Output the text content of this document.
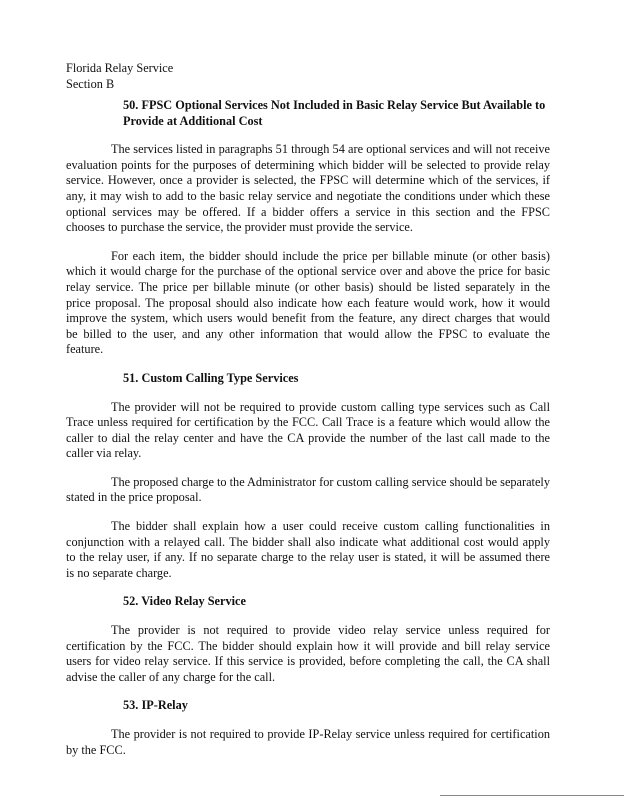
Florida Relay Service
Section B
50. FPSC Optional Services Not Included in Basic Relay Service But Available to
Provide at Additional Cost
The services listed in paragraphs 51 through 54 are optional services and will not receive
evaluation points for the purposes of determining which bidder will be selected to provide relay
service. However, once a provider is selected, the FPSC will determine which of the services, if
any, it may wish to add to the basic relay service and negotiate the conditions under which these
optional services may be offered. If a bidder offers a service in this section and the FPSC
chooses to purchase the service, the provider must provide the service.
For each item, the bidder should include the price per billable minute (or other basis)
which it would charge for the purchase of the optional service over and above the price for basic
relay service. The price per billable minute (or other basis) should be listed separately in the
price proposal. The proposal should also indicate how each feature would work, how it would
improve the system, which users would benefit from the feature, any direct charges that would
be billed to the user, and any other information that would allow the FPSC to evaluate the
feature.
51. Custom Calling Type Services
The provider will not be required to provide custom calling type services such as Call
Trace unless required for certification by the FCC. Call Trace is a feature which would allow the
caller to dial the relay center and have the CA provide the number of the last call made to the
caller via relay.
The proposed charge to the Administrator for custom calling service should be separately
stated in the price proposal.
The bidder shall explain how a user could receive custom calling functionalities in
conjunction with a relayed call. The bidder shall also indicate what additional cost would apply
to the relay user, if any. If no separate charge to the relay user is stated, it will be assumed there
is no separate charge.
52. Video Relay Service
The provider is not required to provide video relay service unless required for
certification by the FCC. The bidder should explain how it will provide and bill relay service
users for video relay service. If this service is provided, before completing the call, the CA shall
advise the caller of any charge for the call.
53. IP-Relay
The provider is not required to provide IP-Relay service unless required for certification
by the FCC.
